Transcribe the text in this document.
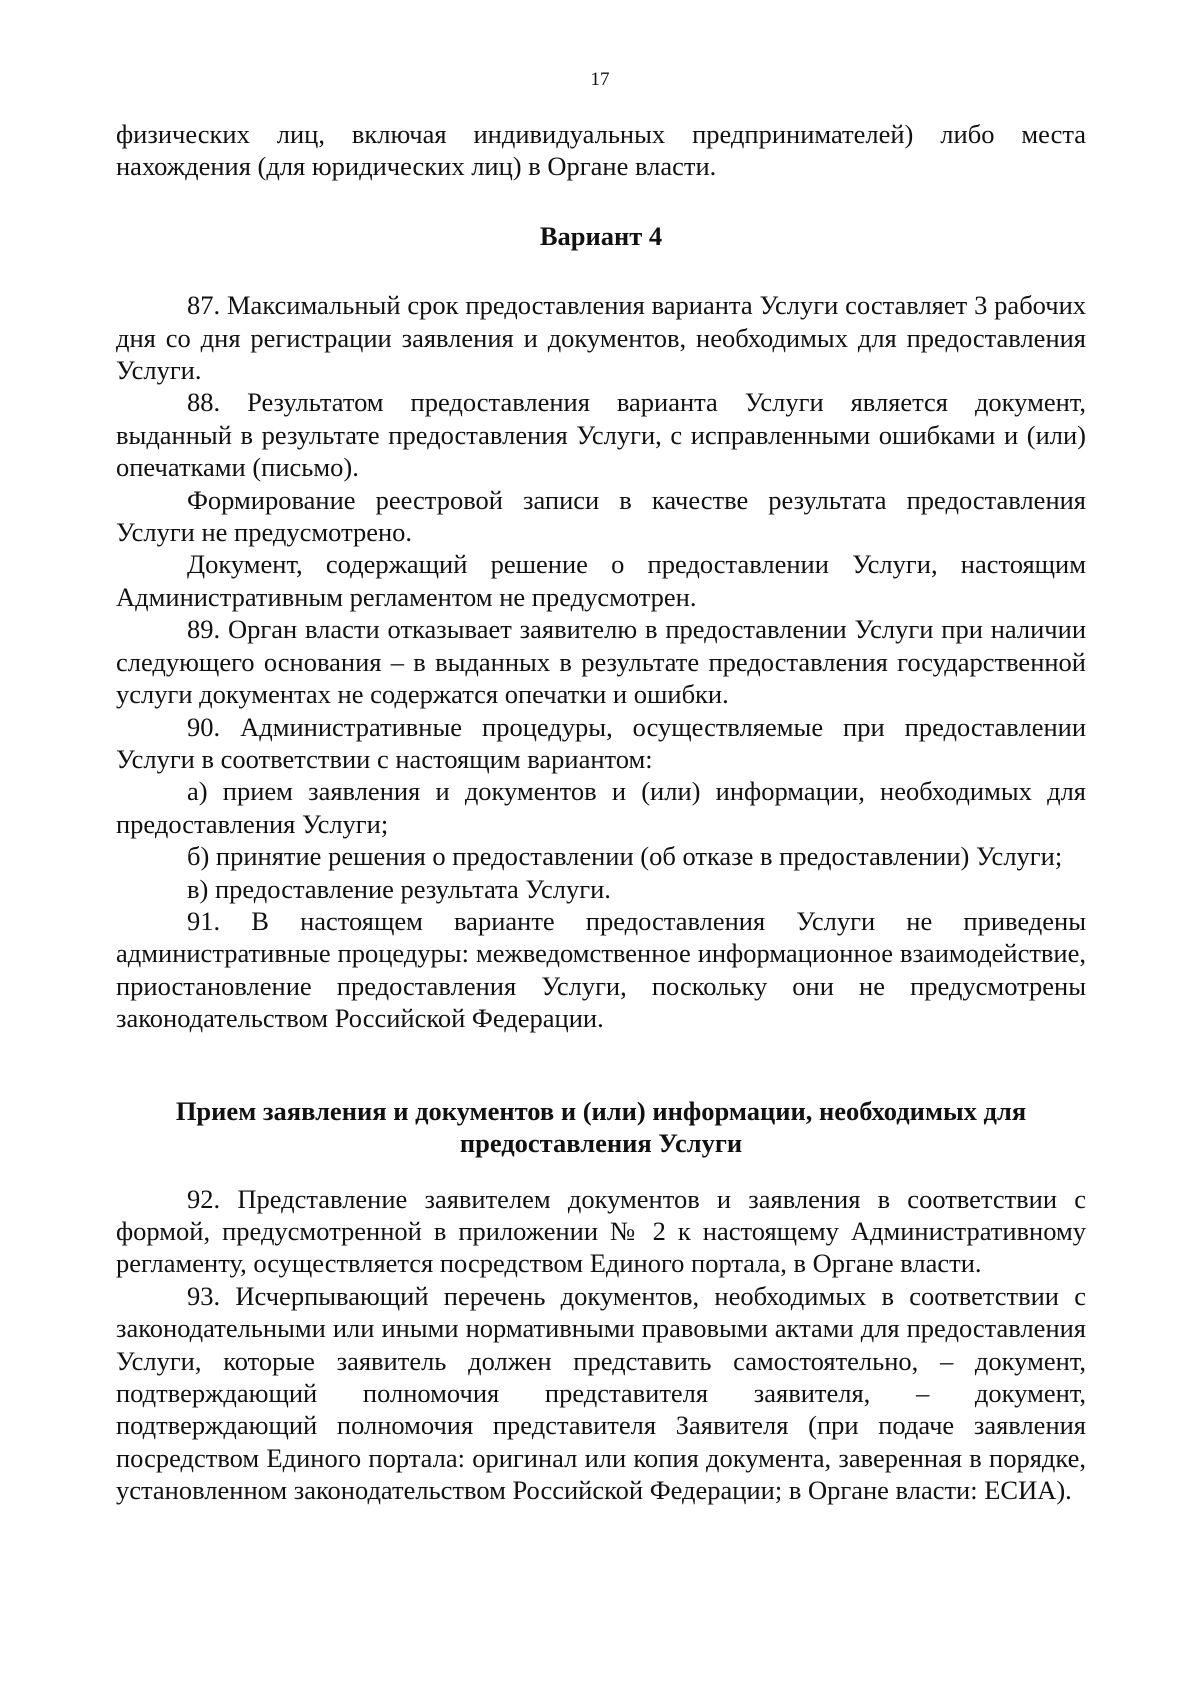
17

физических лиц, включая индивидуальных предпринимателей) либо места нахождения (для юридических лиц) в Органе власти.

Вариант 4

87. Максимальный срок предоставления варианта Услуги составляет 3 рабочих дня со дня регистрации заявления и документов, необходимых для предоставления Услуги.

88. Результатом предоставления варианта Услуги является документ, выданный в результате предоставления Услуги, с исправленными ошибками и (или) опечатками (письмо).

Формирование реестровой записи в качестве результата предоставления Услуги не предусмотрено.

Документ, содержащий решение о предоставлении Услуги, настоящим Административным регламентом не предусмотрен.

89. Орган власти отказывает заявителю в предоставлении Услуги при наличии следующего основания – в выданных в результате предоставления государственной услуги документах не содержатся опечатки и ошибки.

90. Административные процедуры, осуществляемые при предоставлении Услуги в соответствии с настоящим вариантом:

а) прием заявления и документов и (или) информации, необходимых для предоставления Услуги;

б) принятие решения о предоставлении (об отказе в предоставлении) Услуги;

в) предоставление результата Услуги.

91. В настоящем варианте предоставления Услуги не приведены административные процедуры: межведомственное информационное взаимодействие, приостановление предоставления Услуги, поскольку они не предусмотрены законодательством Российской Федерации.

Прием заявления и документов и (или) информации, необходимых для предоставления Услуги

92. Представление заявителем документов и заявления в соответствии с формой, предусмотренной в приложении № 2 к настоящему Административному регламенту, осуществляется посредством Единого портала, в Органе власти.

93. Исчерпывающий перечень документов, необходимых в соответствии с законодательными или иными нормативными правовыми актами для предоставления Услуги, которые заявитель должен представить самостоятельно, – документ, подтверждающий полномочия представителя заявителя, – документ, подтверждающий полномочия представителя Заявителя (при подаче заявления посредством Единого портала: оригинал или копия документа, заверенная в порядке, установленном законодательством Российской Федерации; в Органе власти: ЕСИА).
